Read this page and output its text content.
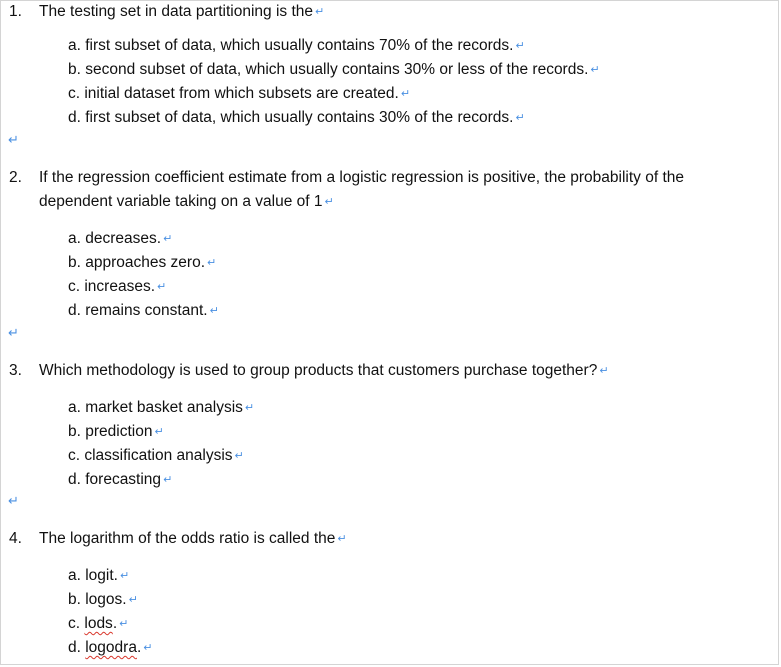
1. The testing set in data partitioning is the ↵
a. first subset of data, which usually contains 70% of the records. ↵
b. second subset of data, which usually contains 30% or less of the records. ↵
c. initial dataset from which subsets are created. ↵
d. first subset of data, which usually contains 30% of the records. ↵
↵
2. If the regression coefficient estimate from a logistic regression is positive, the probability of the
dependent variable taking on a value of 1 ↵
a. decreases. ↵
b. approaches zero. ↵
c. increases. ↵
d. remains constant. ↵
↵
3. Which methodology is used to group products that customers purchase together? ↵
a. market basket analysis ↵
b. prediction ↵
c. classification analysis ↵
d. forecasting ↵
↵
4. The logarithm of the odds ratio is called the ↵
a. logit. ↵
b. logos. ↵
c. lods. ↵
d. logodra. ↵
